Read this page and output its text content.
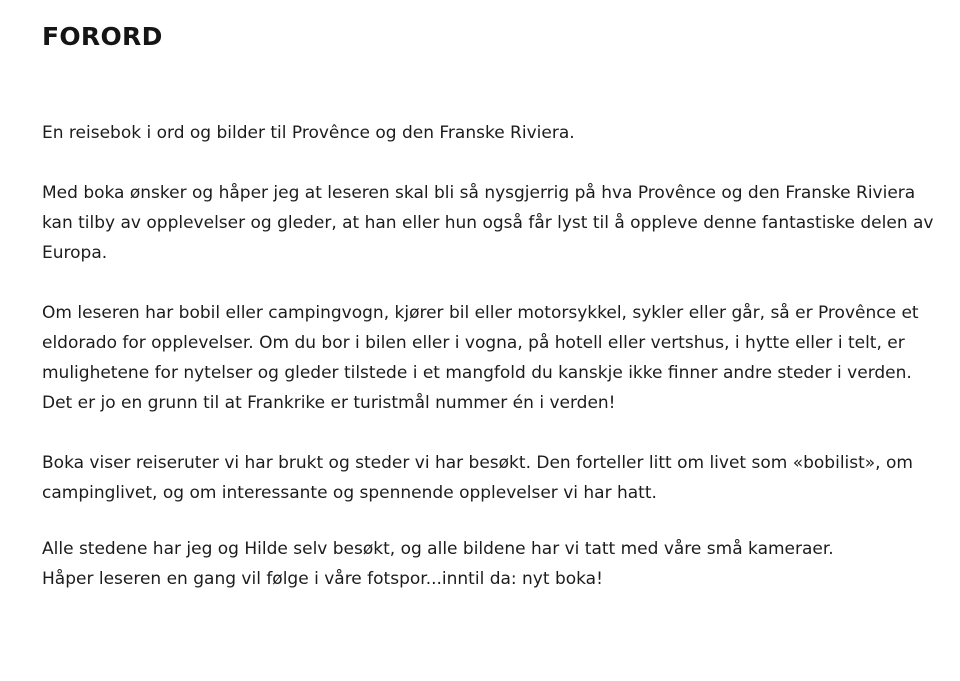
FORORD

En reisebok i ord og bilder til Provênce og den Franske Riviera.

Med boka ønsker og håper jeg at leseren skal bli så nysgjerrig på hva Provênce og den Franske Riviera
kan tilby av opplevelser og gleder, at han eller hun også får lyst til å oppleve denne fantastiske delen av
Europa.

Om leseren har bobil eller campingvogn, kjører bil eller motorsykkel, sykler eller går, så er Provênce et
eldorado for opplevelser. Om du bor i bilen eller i vogna, på hotell eller vertshus, i hytte eller i telt, er
mulighetene for nytelser og gleder tilstede i et mangfold du kanskje ikke finner andre steder i verden.
Det er jo en grunn til at Frankrike er turistmål nummer én i verden!

Boka viser reiseruter vi har brukt og steder vi har besøkt. Den forteller litt om livet som «bobilist», om
campinglivet, og om interessante og spennende opplevelser vi har hatt.

Alle stedene har jeg og Hilde selv besøkt, og alle bildene har vi tatt med våre små kameraer.
Håper leseren en gang vil følge i våre fotspor...inntil da: nyt boka!
